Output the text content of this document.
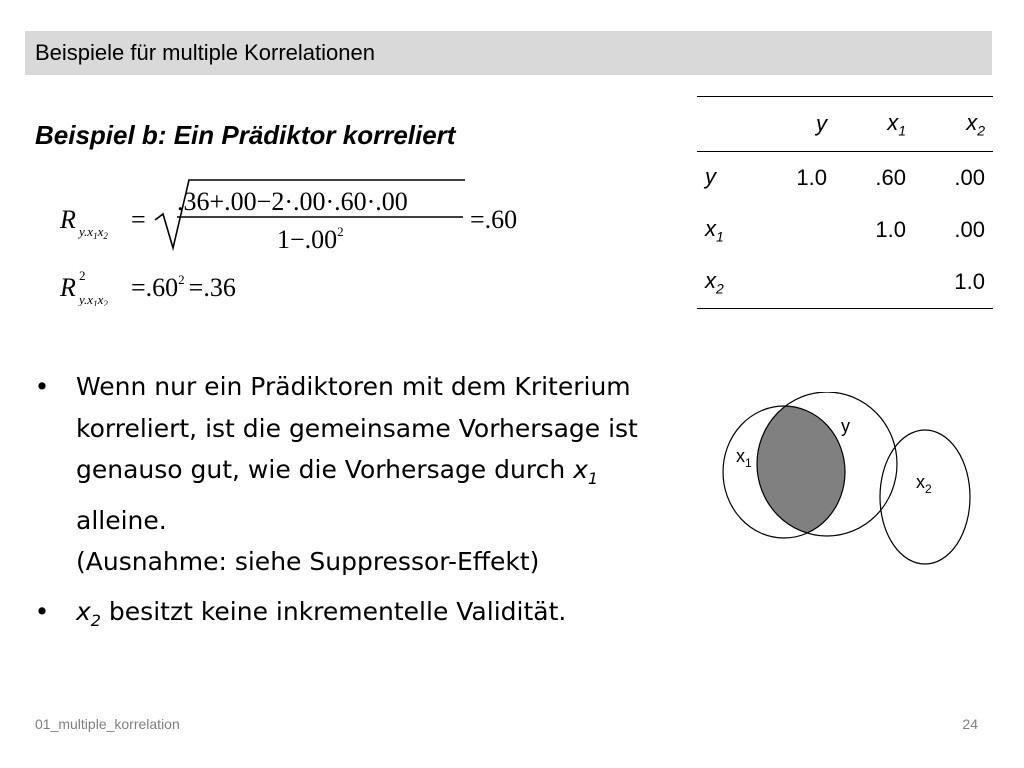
Beispiele für multiple Korrelationen
Beispiel b: Ein Prädiktor korreliert
R $y.x_1x_2$
=
.36+.00−2·.00·.60·.00
$1-.00^2$	=.60
R 2
$y.x_1x_2$
$=.60^2 =.36$
	y	$x_1$	$x_2$
y	1.0	.60	.00
$x_1$		1.0	.00
$x_2$			1.0
y
$x_1$
$x_2$
• Wenn nur ein Prädiktoren mit dem Kriterium korreliert, ist die gemeinsame Vorhersage ist genauso gut, wie die Vorhersage durch $x_1$ alleine.
(Ausnahme: siehe Suppressor-Effekt)
• $x_2$ besitzt keine inkrementelle Validität.
01_multiple_korrelation	24
